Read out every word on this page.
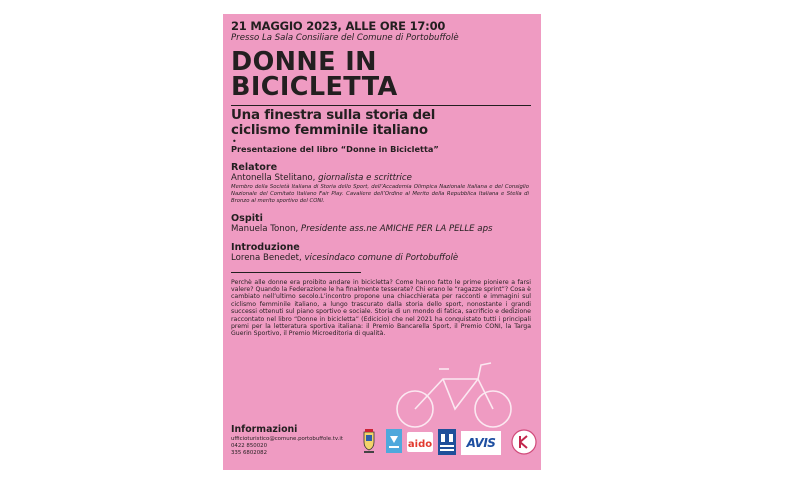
21 MAGGIO 2023, ALLE ORE 17:00
Presso La Sala Consiliare del Comune di Portobuffolè
DONNE IN
BICICLETTA
Una finestra sulla storia del
ciclismo femminile italiano
•
Presentazione del libro “Donne in Bicicletta”
Relatore
Antonella Stelitano, giornalista e scrittrice
Membro della Società Italiana di Storia dello Sport, dell’Accademia Olimpica Nazionale Italiana e del Consiglio Nazionale del Comitato Italiano Fair Play. Cavaliere dell’Ordine al Merito della Repubblica Italiana e Stella di Bronzo al merito sportivo del CONI.
Ospiti
Manuela Tonon, Presidente ass.ne AMICHE PER LA PELLE aps
Introduzione
Lorena Benedet, vicesindaco comune di Portobuffolè
Perchè alle donne era proibito andare in bicicletta? Come hanno fatto le prime pioniere a farsi valere? Quando la Federazione le ha finalmente tesserate? Chi erano le “ragazze sprint”? Cosa è cambiato nell’ultimo secolo.L’incontro propone una chiacchierata per racconti e immagini sul ciclismo femminile italiano, a lungo trascurato dalla storia dello sport, nonostante i grandi successi ottenuti sul piano sportivo e sociale. Storia di un mondo di fatica, sacrificio e dedizione raccontato nel libro “Donne in bicicletta” (Edicicio) che nel 2021 ha conquistato tutti i principali premi per la letteratura sportiva italiana: il Premio Bancarella Sport, il Premio CONI, la Targa Guerin Sportivo, il Premio Microeditoria di qualità.
Informazioni
ufficioturistico@comune.portobuffole.tv.it
0422 850020
335 6802082
aido	AVIS
